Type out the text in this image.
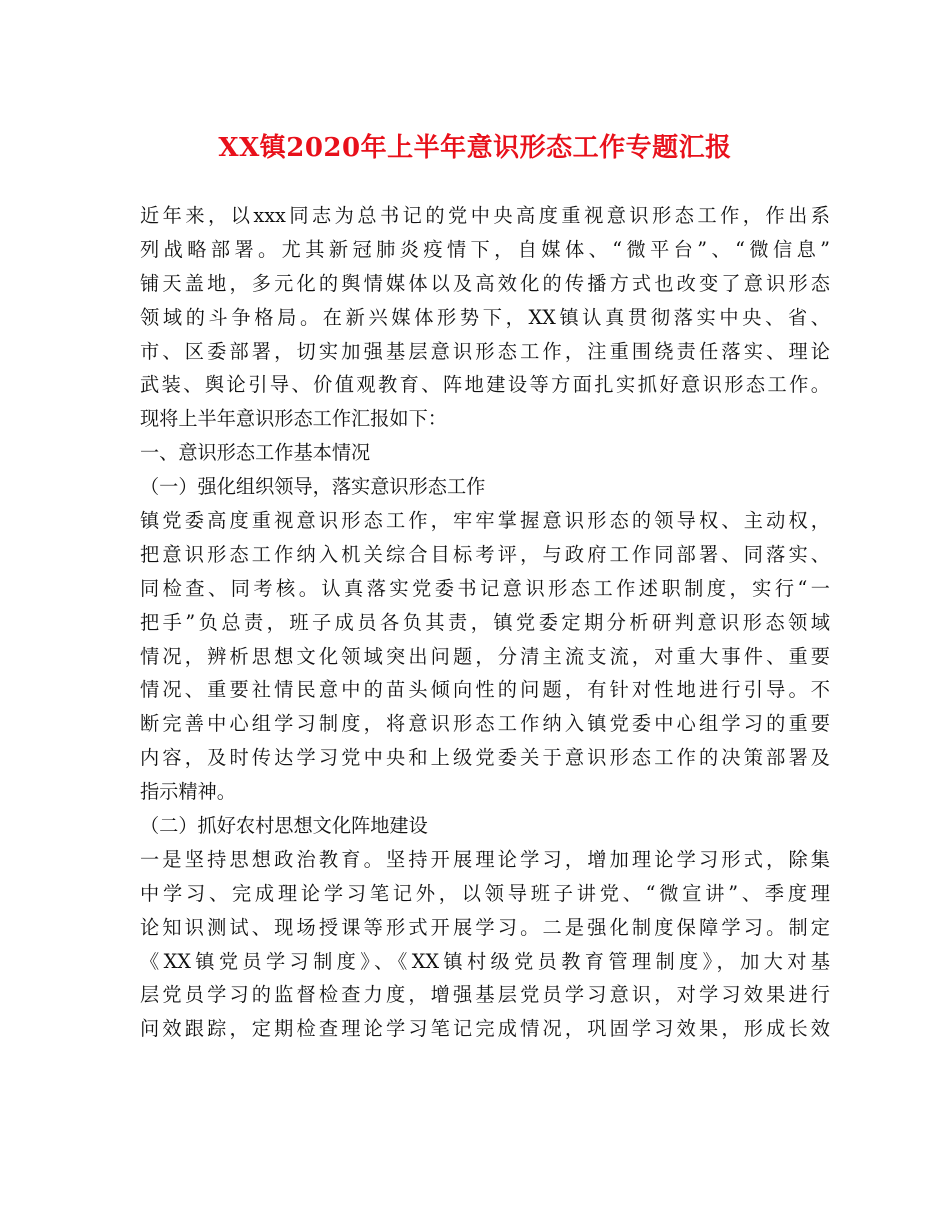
XX镇2020年上半年意识形态工作专题汇报
近年来，以xxx同志为总书记的党中央高度重视意识形态工作，作出系
列战略部署。尤其新冠肺炎疫情下，自媒体、“微平台”、“微信息”
铺天盖地，多元化的舆情媒体以及高效化的传播方式也改变了意识形态
领域的斗争格局。在新兴媒体形势下，XX镇认真贯彻落实中央、省、
市、区委部署，切实加强基层意识形态工作，注重围绕责任落实、理论
武装、舆论引导、价值观教育、阵地建设等方面扎实抓好意识形态工作。
现将上半年意识形态工作汇报如下：
一、意识形态工作基本情况
（一）强化组织领导，落实意识形态工作
镇党委高度重视意识形态工作，牢牢掌握意识形态的领导权、主动权，
把意识形态工作纳入机关综合目标考评，与政府工作同部署、同落实、
同检查、同考核。认真落实党委书记意识形态工作述职制度，实行“一
把手”负总责，班子成员各负其责，镇党委定期分析研判意识形态领域
情况，辨析思想文化领域突出问题，分清主流支流，对重大事件、重要
情况、重要社情民意中的苗头倾向性的问题，有针对性地进行引导。不
断完善中心组学习制度，将意识形态工作纳入镇党委中心组学习的重要
内容，及时传达学习党中央和上级党委关于意识形态工作的决策部署及
指示精神。
（二）抓好农村思想文化阵地建设
一是坚持思想政治教育。坚持开展理论学习，增加理论学习形式，除集
中学习、完成理论学习笔记外，以领导班子讲党、“微宣讲”、季度理
论知识测试、现场授课等形式开展学习。二是强化制度保障学习。制定
《XX镇党员学习制度》、《XX镇村级党员教育管理制度》，加大对基
层党员学习的监督检查力度，增强基层党员学习意识，对学习效果进行
问效跟踪，定期检查理论学习笔记完成情况，巩固学习效果，形成长效
